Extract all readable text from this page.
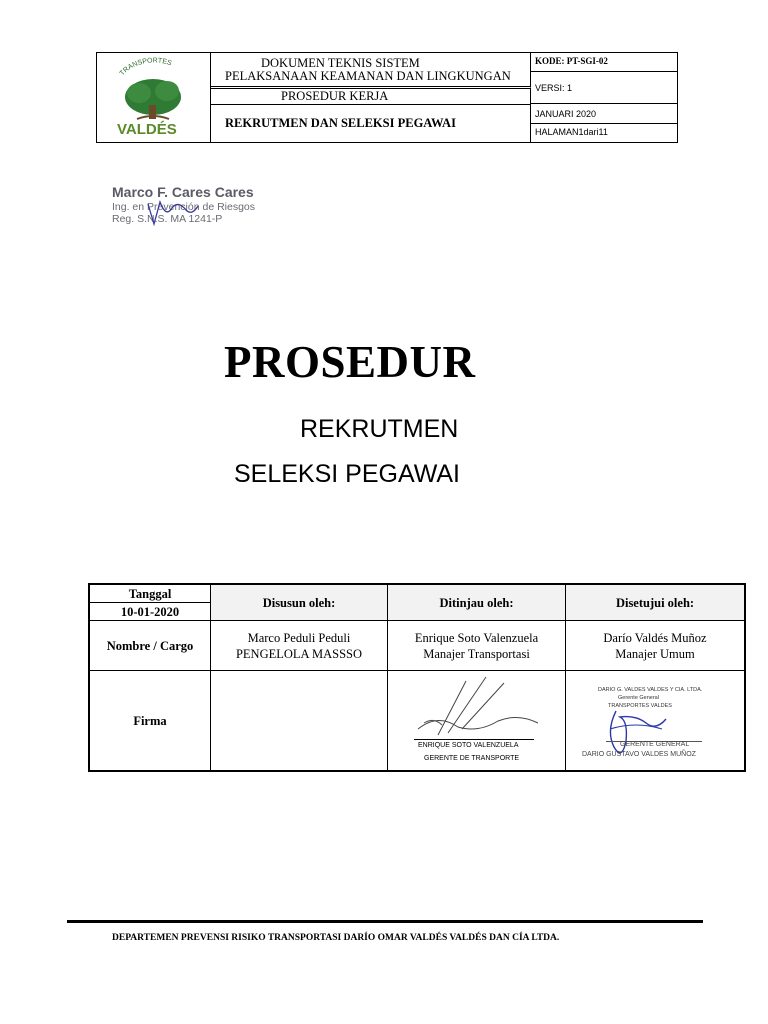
TRANSPORTES
VALDÉS
DOKUMEN TEKNIS SISTEM
PELAKSANAAN KEAMANAN DAN LINGKUNGAN
PROSEDUR KERJA
REKRUTMEN DAN SELEKSI PEGAWAI
KODE: PT-SGI-02
VERSI: 1
JANUARI 2020
HALAMAN1dari11
Marco F. Cares Cares
Ing. en Prevención de Riesgos
Reg. S.N.S. MA 1241-P
PROSEDUR
REKRUTMEN
SELEKSI PEGAWAI
Tanggal
10-01-2020
Disusun oleh:	Ditinjau oleh:	Disetujui oleh:
Nombre / Cargo
Marco Peduli Peduli
PENGELOLA MASSSO
Enrique Soto Valenzuela
Manajer Transportasi
Darío Valdés Muñoz
Manajer Umum
Firma
ENRIQUE SOTO VALENZUELA
GERENTE DE TRANSPORTE
DARIO G. VALDES VALDES Y CIA. LTDA.
Gerente General
TRANSPORTES VALDES
GERENTE GENERAL
DARIO GUSTAVO VALDES MUÑOZ
DEPARTEMEN PREVENSI RISIKO TRANSPORTASI DARÍO OMAR VALDÉS VALDÉS DAN CÍA LTDA.
